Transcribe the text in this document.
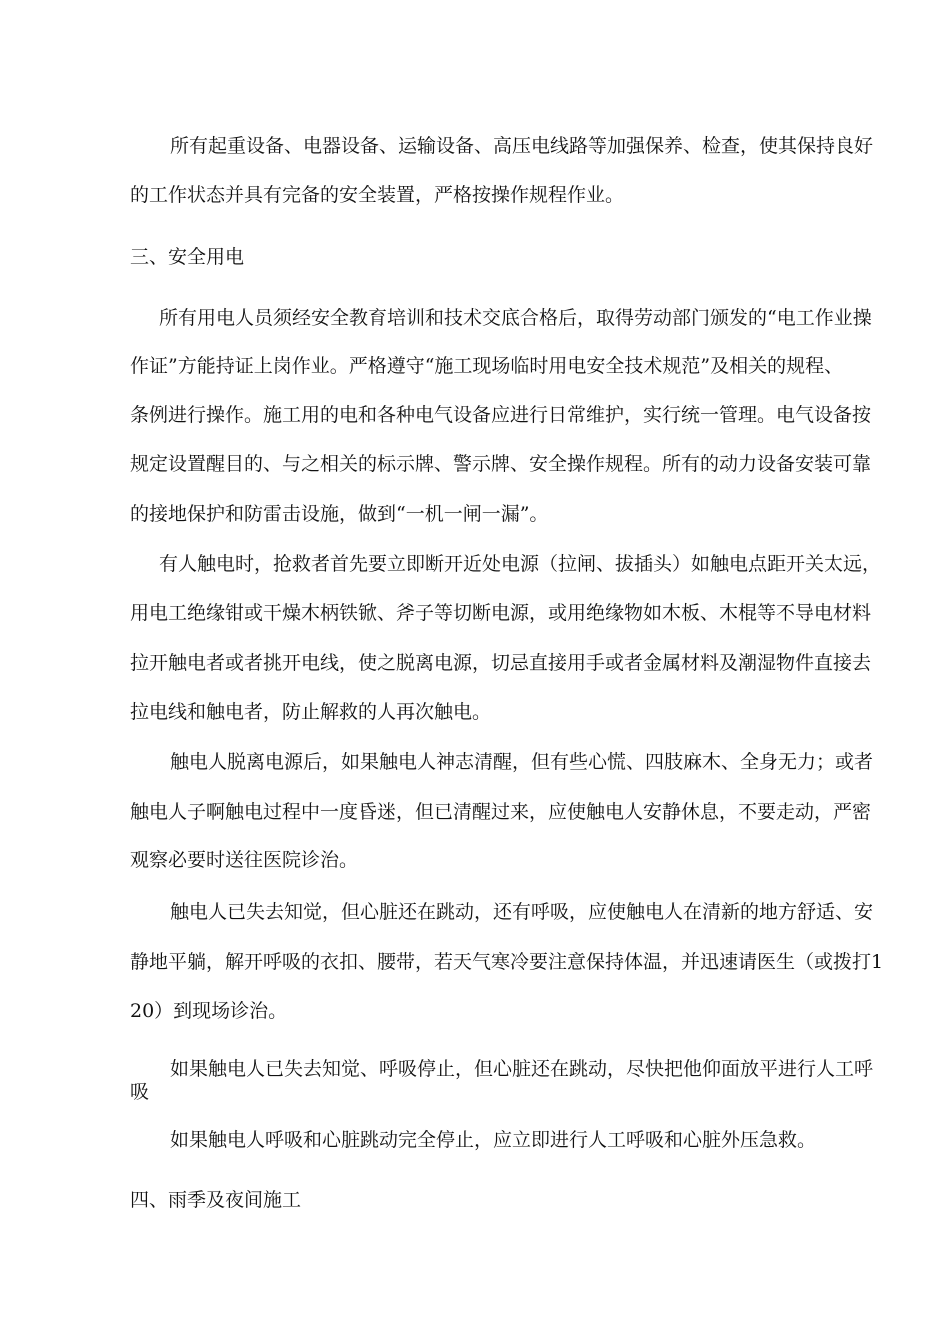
所有起重设备、电器设备、运输设备、高压电线路等加强保养、检查，使其保持良好
的工作状态并具有完备的安全装置，严格按操作规程作业。
三、安全用电
所有用电人员须经安全教育培训和技术交底合格后，取得劳动部门颁发的“电工作业操
作证”方能持证上岗作业。严格遵守“施工现场临时用电安全技术规范”及相关的规程、
条例进行操作。施工用的电和各种电气设备应进行日常维护，实行统一管理。电气设备按
规定设置醒目的、与之相关的标示牌、警示牌、安全操作规程。所有的动力设备安装可靠
的接地保护和防雷击设施，做到“一机一闸一漏”。
有人触电时，抢救者首先要立即断开近处电源（拉闸、拔插头）如触电点距开关太远，
用电工绝缘钳或干燥木柄铁锨、斧子等切断电源，或用绝缘物如木板、木棍等不导电材料
拉开触电者或者挑开电线，使之脱离电源，切忌直接用手或者金属材料及潮湿物件直接去
拉电线和触电者，防止解救的人再次触电。
触电人脱离电源后，如果触电人神志清醒，但有些心慌、四肢麻木、全身无力；或者
触电人子啊触电过程中一度昏迷，但已清醒过来，应使触电人安静休息，不要走动，严密
观察必要时送往医院诊治。
触电人已失去知觉，但心脏还在跳动，还有呼吸，应使触电人在清新的地方舒适、安
静地平躺，解开呼吸的衣扣、腰带，若天气寒冷要注意保持体温，并迅速请医生（或拨打1
20）到现场诊治。
如果触电人已失去知觉、呼吸停止，但心脏还在跳动，尽快把他仰面放平进行人工呼
吸
如果触电人呼吸和心脏跳动完全停止，应立即进行人工呼吸和心脏外压急救。
四、雨季及夜间施工
